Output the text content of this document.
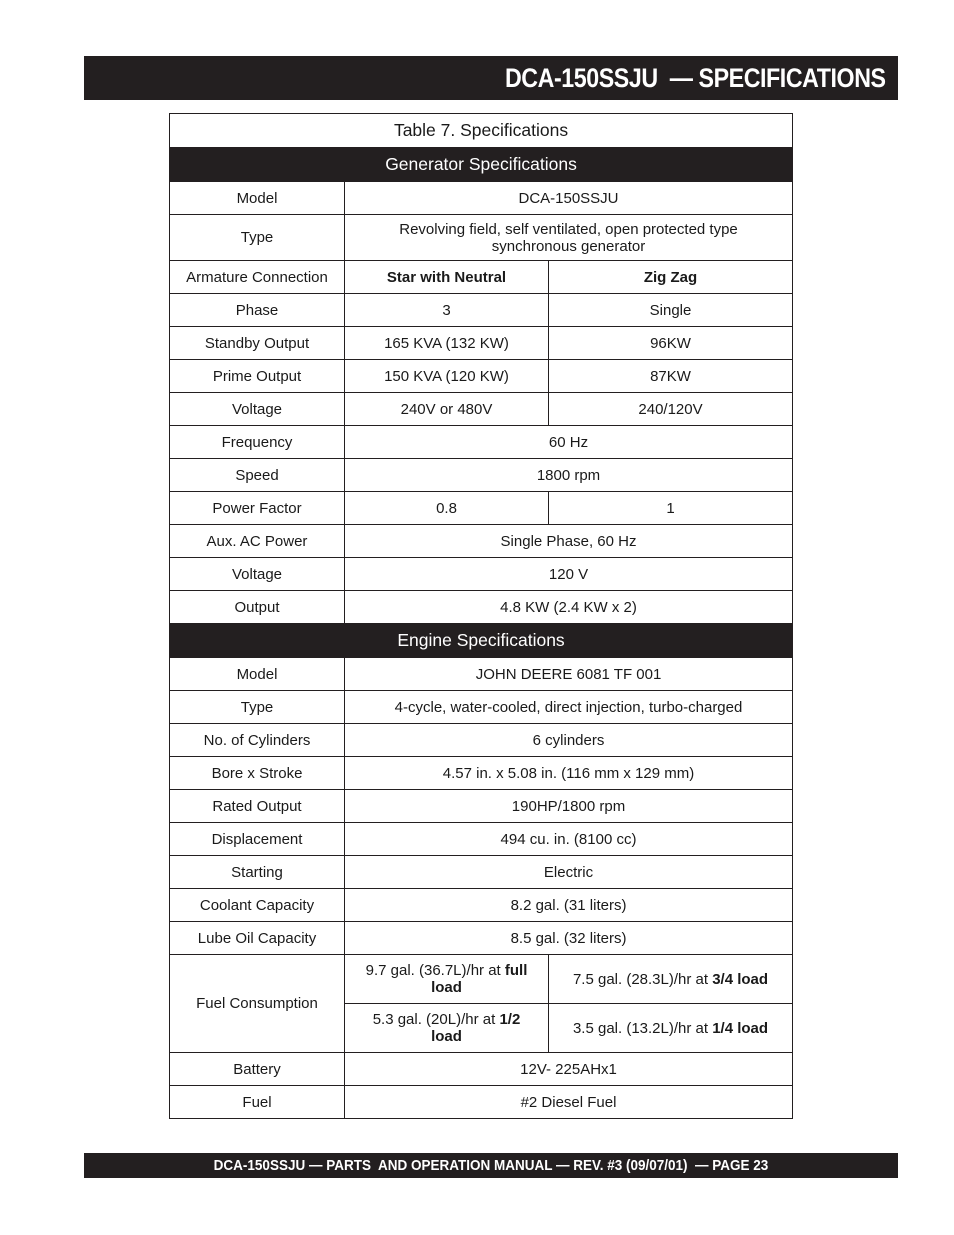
DCA-150SSJU  — SPECIFICATIONS
Table 7. Specifications		
Generator Specifications		
Model	DCA-150SSJU	
Type	Revolving field, self ventilated, open protected type synchronous generator	
Armature Connection	Star with Neutral	Zig Zag
Phase	3	Single
Standby Output	165 KVA (132 KW)	96KW
Prime Output	150 KVA (120 KW)	87KW
Voltage	240V or 480V	240/120V
Frequency	60 Hz	
Speed	1800 rpm	
Power Factor	0.8	1
Aux. AC Power	Single Phase, 60 Hz	
Voltage	120 V	
Output	4.8 KW (2.4 KW x 2)	
Engine Specifications		
Model	JOHN DEERE 6081 TF 001	
Type	4-cycle, water-cooled, direct injection, turbo-charged	
No. of Cylinders	6 cylinders	
Bore x Stroke	4.57 in. x 5.08 in. (116 mm x 129 mm)	
Rated Output	190HP/1800 rpm	
Displacement	494 cu. in. (8100 cc)	
Starting	Electric	
Coolant Capacity	8.2 gal. (31 liters)	
Lube Oil Capacity	8.5 gal. (32 liters)	
Fuel Consumption	9.7 gal. (36.7L)/hr at full load	7.5 gal. (28.3L)/hr at 3/4 load
	5.3 gal. (20L)/hr at 1/2 load	3.5 gal. (13.2L)/hr at 1/4 load
Battery	12V- 225AHx1	
Fuel	#2 Diesel Fuel	
DCA-150SSJU — PARTS  AND OPERATION MANUAL — REV. #3 (09/07/01)  — PAGE 23
